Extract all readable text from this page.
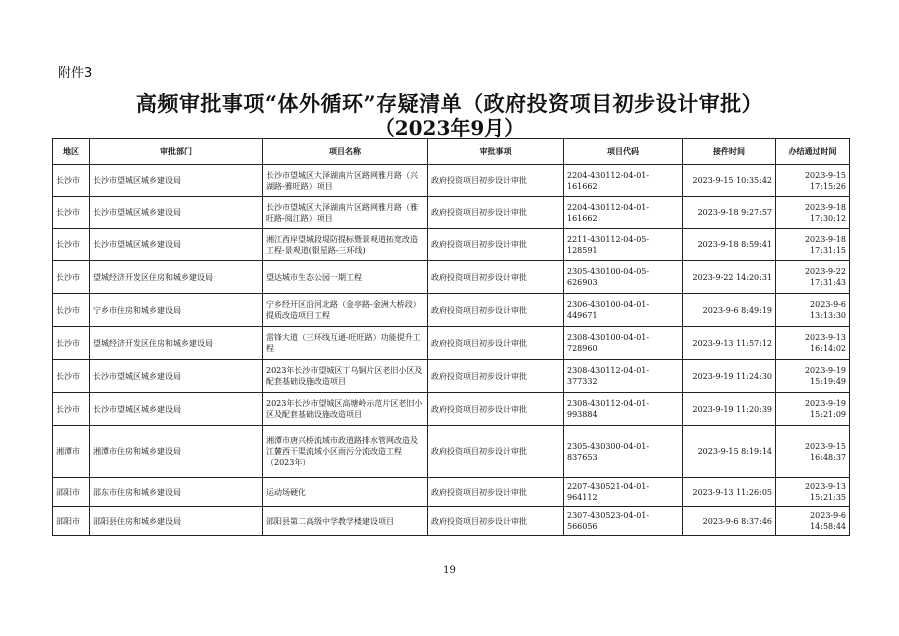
附件3
高频审批事项“体外循环”存疑清单（政府投资项目初步设计审批）
（2023年9月）
地区	审批部门	项目名称	审批事项	项目代码	接件时间	办结通过时间
长沙市	长沙市望城区城乡建设局	长沙市望城区大泽湖南片区路网雅月路（兴湖路-雅旺路）项目	政府投资项目初步设计审批	2204-430112-04-01-161662	2023-9-15 10:35:42	2023-9-15 17:15:26
长沙市	长沙市望城区城乡建设局	长沙市望城区大泽湖南片区路网雅月路（雅旺路-阅江路）项目	政府投资项目初步设计审批	2204-430112-04-01-161662	2023-9-18 9:27:57	2023-9-18 17:30:12
长沙市	长沙市望城区城乡建设局	湘江西岸望城段堤防提标暨景观道拓宽改造工程-景观道(银星路-三环线)	政府投资项目初步设计审批	2211-430112-04-05-128591	2023-9-18 8:59:41	2023-9-18 17:31:15
长沙市	望城经济开发区住房和城乡建设局	望达城市生态公园一期工程	政府投资项目初步设计审批	2305-430100-04-05-626903	2023-9-22 14:20:31	2023-9-22 17:31:43
长沙市	宁乡市住房和城乡建设局	宁乡经开区沿河北路（金亭路-金洲大桥段）提质改造项目工程	政府投资项目初步设计审批	2306-430100-04-01-449671	2023-9-6 8:49:19	2023-9-6 13:13:30
长沙市	望城经济开发区住房和城乡建设局	雷锋大道（三环线互通-旺旺路）功能提升工程	政府投资项目初步设计审批	2308-430100-04-01-728960	2023-9-13 11:57:12	2023-9-13 16:14:02
长沙市	长沙市望城区城乡建设局	2023年长沙市望城区丁乌铜片区老旧小区及配套基础设施改造项目	政府投资项目初步设计审批	2308-430112-04-01-377332	2023-9-19 11:24:30	2023-9-19 15:19:49
长沙市	长沙市望城区城乡建设局	2023年长沙市望城区高塘岭示范片区老旧小区及配套基础设施改造项目	政府投资项目初步设计审批	2308-430112-04-01-993884	2023-9-19 11:20:39	2023-9-19 15:21:09
湘潭市	湘潭市住房和城乡建设局	湘潭市唐兴桥流域市政道路排水管网改造及江麓西干渠流域小区雨污分流改造工程（2023年）	政府投资项目初步设计审批	2305-430300-04-01-837653	2023-9-15 8:19:14	2023-9-15 16:48:37
邵阳市	邵东市住房和城乡建设局	运动场硬化	政府投资项目初步设计审批	2207-430521-04-01-964112	2023-9-13 11:26:05	2023-9-13 15:21:35
邵阳市	邵阳县住房和城乡建设局	邵阳县第二高级中学教学楼建设项目	政府投资项目初步设计审批	2307-430523-04-01-566056	2023-9-6 8:37:46	2023-9-6 14:58:44
19
